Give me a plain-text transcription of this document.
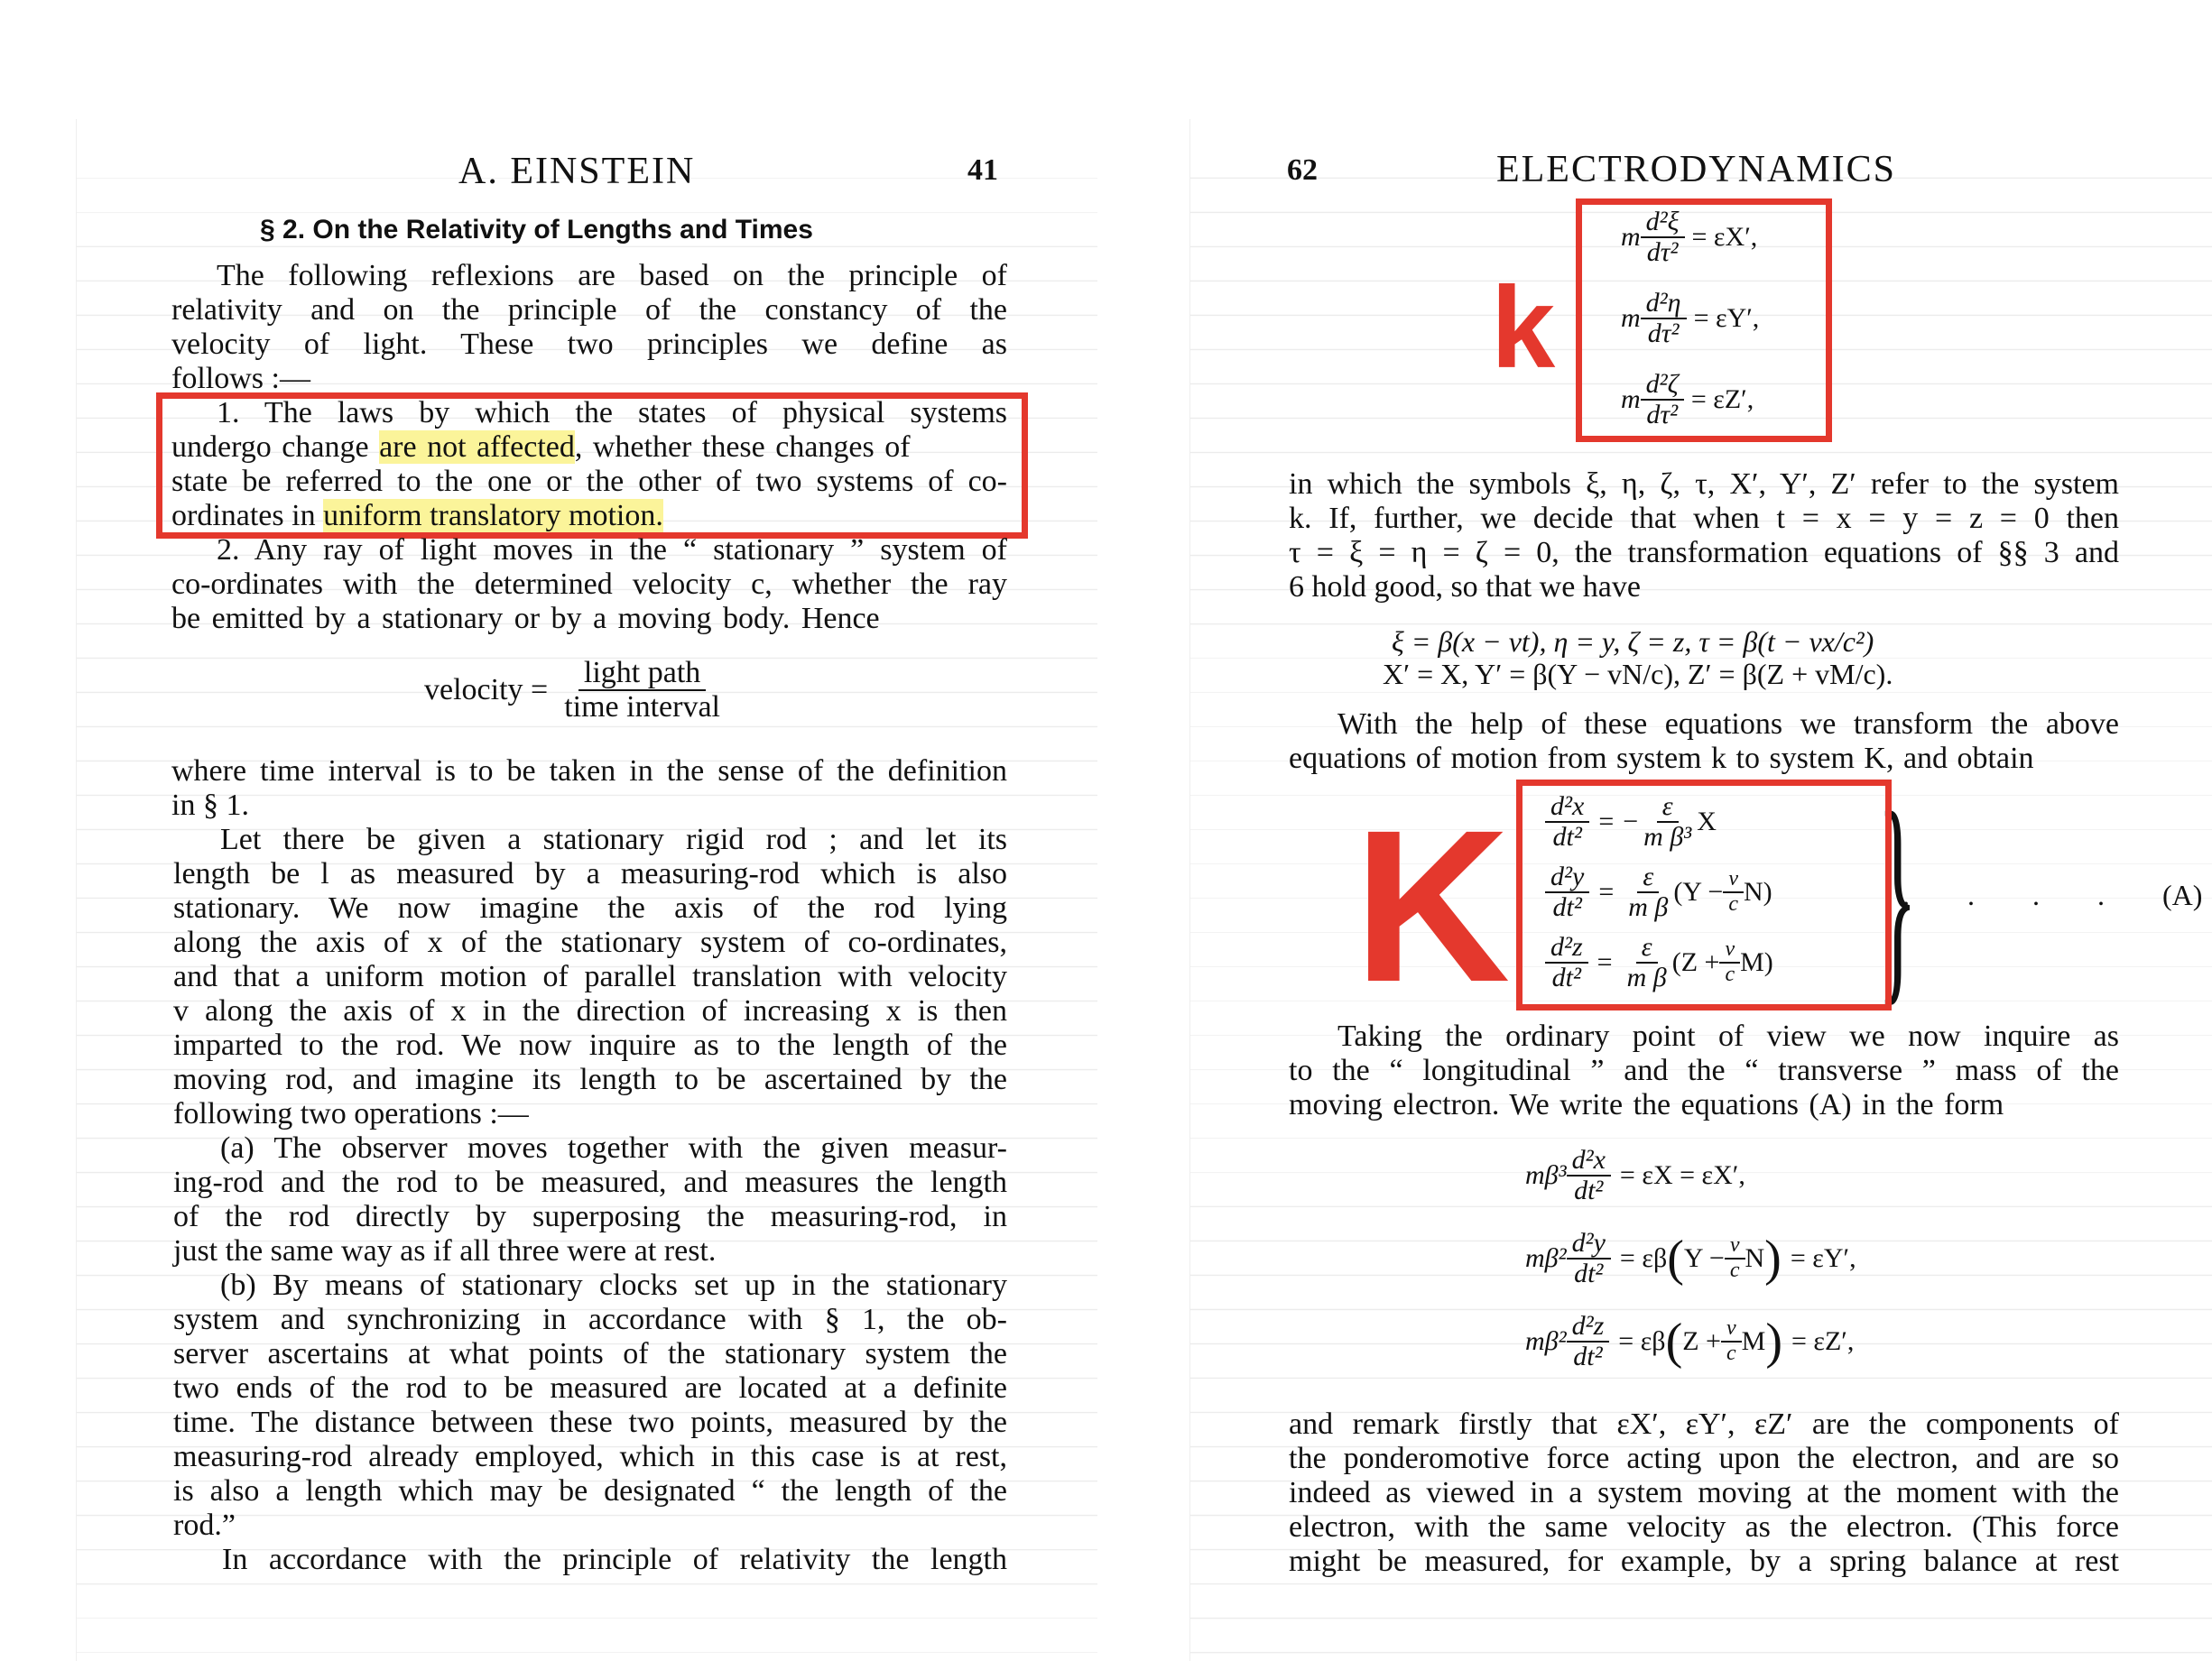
A. EINSTEIN	41
§ 2. On the Relativity of Lengths and Times
The following reflexions are based on the principle of
relativity and on the principle of the constancy of the
velocity of light. These two principles we define as
follows :—
1. The laws by which the states of physical systems
undergo change are not affected, whether these changes of
state be referred to the one or the other of two systems of co-
ordinates in uniform translatory motion.
2. Any ray of light moves in the “ stationary ” system of
co-ordinates with the determined velocity c, whether the ray
be emitted by a stationary or by a moving body. Hence
velocity = $\frac{\text{light path}}{\text{time interval}}$
where time interval is to be taken in the sense of the definition
in § 1.
Let there be given a stationary rigid rod ; and let its
length be l as measured by a measuring-rod which is also
stationary. We now imagine the axis of the rod lying
along the axis of x of the stationary system of co-ordinates,
and that a uniform motion of parallel translation with velocity
v along the axis of x in the direction of increasing x is then
imparted to the rod. We now inquire as to the length of the
moving rod, and imagine its length to be ascertained by the
following two operations :—
(a) The observer moves together with the given measur-
ing-rod and the rod to be measured, and measures the length
of the rod directly by superposing the measuring-rod, in
just the same way as if all three were at rest.
(b) By means of stationary clocks set up in the stationary
system and synchronizing in accordance with § 1, the ob-
server ascertains at what points of the stationary system the
two ends of the rod to be measured are located at a definite
time. The distance between these two points, measured by the
measuring-rod already employed, which in this case is at rest,
is also a length which may be designated “ the length of the
rod.”
In accordance with the principle of relativity the length
62	ELECTRODYNAMICS
k
m $\frac{\text{d²ξ}}{\text{dτ²}} = \varepsilon X'$,
m $\frac{\text{d²η}}{\text{dτ²}} = \varepsilon Y'$,
m $\frac{\text{d²ζ}}{\text{dτ²}} = \varepsilon Z'$,
in which the symbols ξ, η, ζ, τ, X′, Y′, Z′ refer to the system
k. If, further, we decide that when t = x = y = z = 0 then
τ = ξ = η = ζ = 0, the transformation equations of §§ 3 and
6 hold good, so that we have
ξ = β(x − vt), η = y, ζ = z, τ = β(t − vx/c²)
X′ = X, Y′ = β(Y − vN/c), Z′ = β(Z + vM/c).
With the help of these equations we transform the above
equations of motion from system k to system K, and obtain
K $\frac{\text{d²x}}{\text{dt²}}$ = − $\frac{\varepsilon}{\text{m β³}}$ X
$\frac{\text{d²y}}{\text{dt²}} = \frac{\varepsilon}{\text{m β}} (Y - \frac{v}{c} N)$
$\frac{\text{d²z}}{\text{dt²}} = \frac{\varepsilon}{\text{m β}} (Z + \frac{v}{c} M)$ }
. . . . (A)
Taking the ordinary point of view we now inquire as
to the “ longitudinal ” and the “ transverse ” mass of the
moving electron. We write the equations (A) in the form
$m\beta^3 \frac{\text{d²x}}{\text{dt²}} = \varepsilon X = \varepsilon X'$,
$m\beta^2 \frac{\text{d²y}}{\text{dt²}} = \varepsilon\beta$ ( $Y - \frac{v}{c}$ N ) = εY′,
$m\beta^2 \frac{\text{d²z}}{\text{dt²}} = \varepsilon\beta$ ( $Z + \frac{v}{c}$ M ) = εZ′,
and remark firstly that εX′, εY′, εZ′ are the components of
the ponderomotive force acting upon the electron, and are so
indeed as viewed in a system moving at the moment with the
electron, with the same velocity as the electron. (This force
might be measured, for example, by a spring balance at rest
